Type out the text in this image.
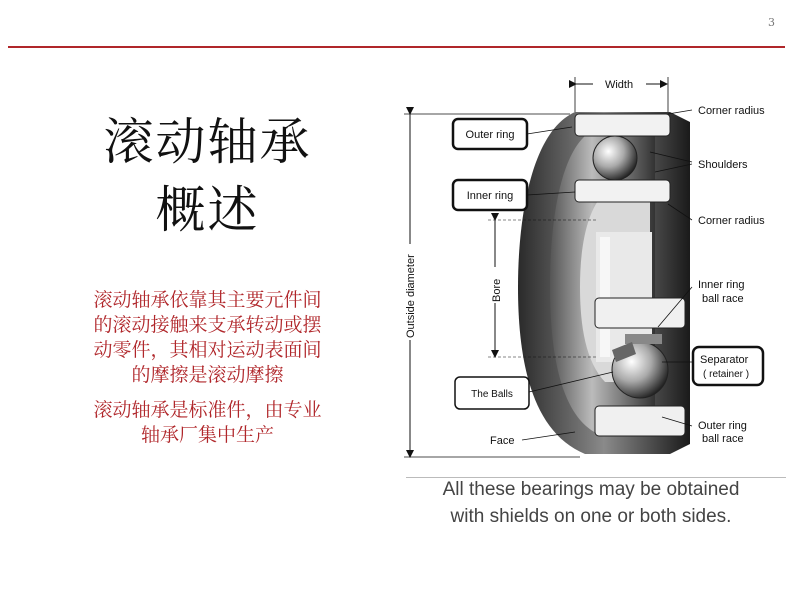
3
滚动轴承
概述

滚动轴承依靠其主要元件间
的滚动接触来支承转动或摆
动零件，其相对运动表面间
的摩擦是滚动摩擦

滚动轴承是标准件，由专业
轴承厂集中生产

Outside diameter
Width
Bore
Corner radius
Shoulders
Corner radius
Inner ring
ball race
Separator
( retainer )
Outer ring
ball race
Outer ring
Inner ring
The Balls
Face
All these bearings may be obtained
with shields on one or both sides.
